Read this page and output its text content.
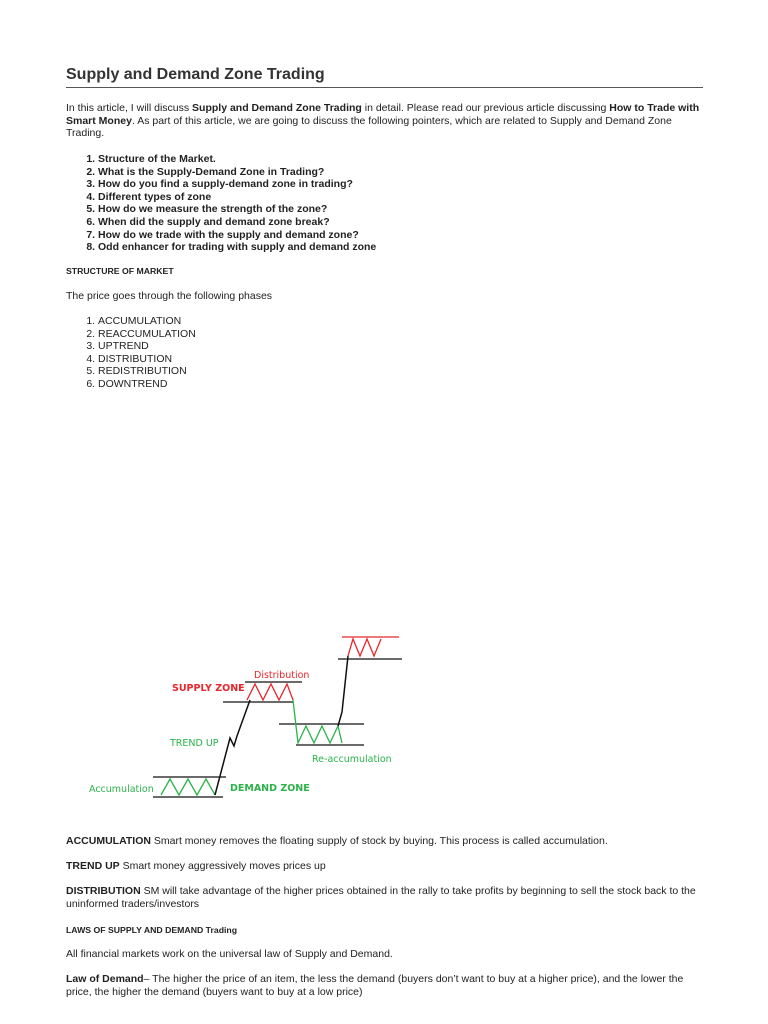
Supply and Demand Zone Trading

In this article, I will discuss Supply and Demand Zone Trading in detail. Please read our previous article discussing How to Trade with Smart Money. As part of this article, we are going to discuss the following pointers, which are related to Supply and Demand Zone Trading.

1. Structure of the Market.
2. What is the Supply-Demand Zone in Trading?
3. How do you find a supply-demand zone in trading?
4. Different types of zone
5. How do we measure the strength of the zone?
6. When did the supply and demand zone break?
7. How do we trade with the supply and demand zone?
8. Odd enhancer for trading with supply and demand zone

STRUCTURE OF MARKET

The price goes through the following phases

1. ACCUMULATION
2. REACCUMULATION
3. UPTREND
4. DISTRIBUTION
5. REDISTRIBUTION
6. DOWNTREND

ACCUMULATION Smart money removes the floating supply of stock by buying. This process is called accumulation.

TREND UP Smart money aggressively moves prices up

DISTRIBUTION SM will take advantage of the higher prices obtained in the rally to take profits by beginning to sell the stock back to the uninformed traders/investors

LAWS OF SUPPLY AND DEMAND Trading

All financial markets work on the universal law of Supply and Demand.

Law of Demand– The higher the price of an item, the less the demand (buyers don’t want to buy at a higher price), and the lower the price, the higher the demand (buyers want to buy at a low price)

Accumulation	DEMAND ZONE
TREND UP
Distribution
SUPPLY ZONE
Re-accumulation
